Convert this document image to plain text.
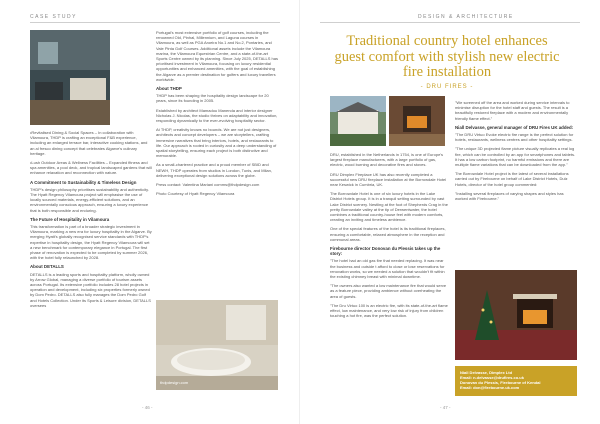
CASE STUDY

•Revitalised Dining & Social Spaces – In collaboration with Vilamoura, THDP is crafting an exceptional F&B experience, including an enlarged terrace bar, interactive cooking stations, and an al fresco dining concept that celebrates Algarve's culinary heritage.

•Lush Outdoor Areas & Wellness Facilities – Expanded fitness and spa amenities, a pool deck, and tropical landscaped gardens that will enhance relaxation and reconnection with nature.

A Commitment to Sustainability & Timeless Design

THDP's design philosophy prioritises sustainability and authenticity. The Hyatt Regency Vilamoura project will emphasise the use of locally sourced materials, energy-efficient solutions, and an environmentally conscious approach, ensuring a luxury experience that is both responsible and enduring.

The Future of Hospitality in Vilamoura

This transformation is part of a broader strategic investment in Vilamoura, marking a new era for luxury hospitality in the Algarve. By merging Hyatt's globally recognised service standards with THDP's expertise in hospitality design, the Hyatt Regency Vilamoura will set a new benchmark for contemporary elegance in Portugal. The first phase of renovation is expected to be completed by summer 2026, with the hotel fully relaunched by 2028.

About DETALLS

DETALLS is a leading sports and hospitality platform, wholly owned by Arrow Global, managing a diverse portfolio of tourism assets across Portugal. Its extensive portfolio includes 28 hotel projects in operation and development, including six properties formerly owned by Dom Pedro. DETALLS also fully manages the Dom Pedro Golf and Hotels Collection. Under its Sports & Leisure division, DETALLS oversees

Portugal's most extensive portfolio of golf courses, including the renowned Old, Pinhal, Millennium, and Laguna courses in Vilamoura, as well as PGA Aroeira No.1 and No.2, Pontaries, and Vale Pinta Golf Courses. Additional assets include the Vilamoura marina, the Vilamoura Equestrian Centre, and a state-of-the-art Sports Centre owned by its planning. Since July 2025, DETALLS has prioritised investment in Vilamoura, focusing on luxury residential opportunities and enhanced amenities, with the goal of establishing the Algarve as a premier destination for golfers and luxury travellers worldwide.

About THDP

THDP has been shaping the hospitality design landscape for 20 years, since its founding in 2005.

Established by architect Mamadou Manenda and interior designer Nicholas J. Nicolas, the studio thrives on adaptability and innovation, responding dynamically to the ever-evolving hospitality sector.

At THDP, creativity knows no bounds. We are not just designers, architects and concept developers – we are storytellers, crafting immersive narratives that bring interiors, hotels, and restaurants to life. Our approach is rooted in curiosity and a deep understanding of spatial storytelling, ensuring each project is both distinctive and memorable.

As a small-chartered practice and a proud member of SBID and NEWH, THDP operates from studios in London, Tunis, and Milan, delivering exceptional design solutions across the globe.

Press contact: Valentina Mariani comms@thdpdesign.com

Photo Courtesy of Hyatt Regency Vilamoura

thdpdesign.com
- 46 -
DESIGN & ARCHITECTURE
- 47 -
Traditional country hotel enhances guest comfort with stylish new electric fire installation
- DRU FIRES -

DRU, established in the Netherlands in 1754, is one of Europe's largest fireplace manufacturers, with a large portfolio of gas, electric, wood burning and decorative fires and stoves.

DRU Dimplex Fireplace UK has also recently completed a successful new DRU fireplace installation at the Borrowdale Hotel near Keswick in Cumbria, UK.

The Borrowdale Hotel is one of six luxury hotels in the Lake District Hotels group. It is in a tranquil setting surrounded by vast Lake District scenery. Nestling at the foot of Shepherds Crag in the pretty Borrowdale valley at the tip of Derwentwater, the hotel combines a traditional country-house feel with modern comforts, creating an inviting and timeless ambience.

One of the special features of the hotel is its traditional fireplaces, ensuring a comfortable, relaxed atmosphere in the reception and communal areas.

Firebourne director Donovan du Plessis takes up the story:

"The hotel had an old gas fire that needed replacing. It was near the business and outside t afford to close or lose reservations for renovation works, so we needed a solution that wouldn't fit within the existing chimney breast with minimal downtime.

"The owners also wanted a low maintenance fire that would serve as a feature piece, providing ambience without overheating the area of guests.

"The Dru Virtuo 100 is an electric fire, with its state-of-the-art flame effect, low maintenance, and very low risk of injury from children touching a hot fire, was the perfect solution.

"We screened off the area and worked during service intervals to minimise disruption for the hotel staff and guests. The result is a beautifully restored fireplace with a modern and environmentally friendly flame effect."

Niall Delvasse, general manager of DRU Fires UK added:

"The DRU Virtuo Evoke electric fire range is the perfect solution for hotels, restaurants, wellness centres and other hospitality settings.

"The unique 3D projected flame picture visually replicates a real log fire, which can be controlled by an app for smartphones and tablets. It has a low carbon footprint, no harmful emissions and there are multiple flame variations that can be downloaded from the app."

The Borrowdale Hotel project is the latest of several installations carried out by Firebourne on behalf of Lake District Hotels, Dulz Hotels, director of the hotel group commented:

"Installing several fireplaces of varying shapes and styles has worked with Firebourne."

Niall Delvasse, Dimplex Ltd
Email: n.delvasse@drufires.co.uk
Donovan du Plessis, Firebourne of Kendal
Email: don@firebourne.uk.com
